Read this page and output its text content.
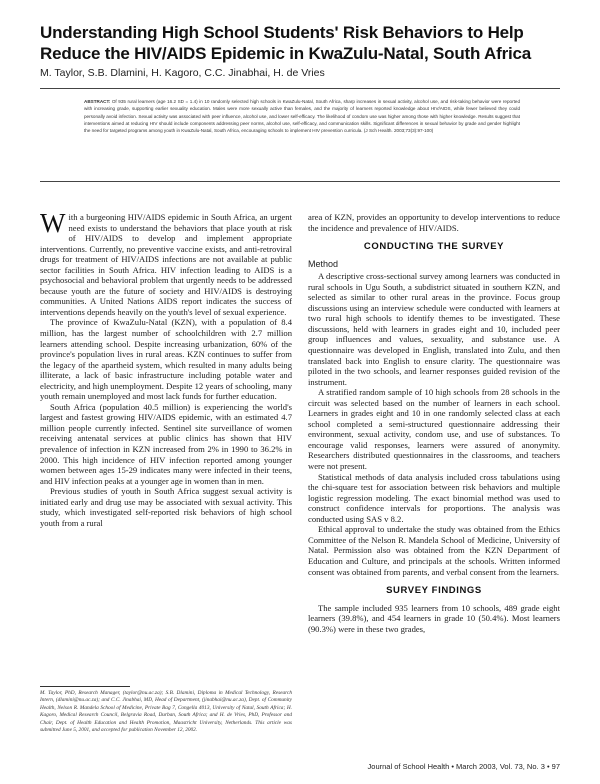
Understanding High School Students' Risk Behaviors to Help Reduce the HIV/AIDS Epidemic in KwaZulu-Natal, South Africa
M. Taylor, S.B. Dlamini, H. Kagoro, C.C. Jinabhai, H. de Vries
ABSTRACT: Of 935 rural learners (age 16.2 SD = 1.4) in 10 randomly selected high schools in KwaZulu-Natal, South Africa, sharp increases in sexual activity, alcohol use, and risk-taking behavior were reported with increasing grade, supporting earlier sexuality education. Males were more sexually active than females, and the majority of learners reported knowledge about HIV/AIDS, while fewer believed they could personally avoid infection. Sexual activity was associated with peer influence, alcohol use, and lower self-efficacy. The likelihood of condom use was higher among those with higher knowledge. Results suggest that interventions aimed at reducing HIV should include components addressing peer norms, alcohol use, self-efficacy, and communication skills. Significant differences in sexual behavior by grade and gender highlight the need for targeted programs among youth in KwaZulu-Natal, South Africa, encouraging schools to implement HIV prevention curricula. (J Sch Health. 2003;73(3):97-100)

With a burgeoning HIV/AIDS epidemic in South Africa, an urgent need exists to understand the behaviors that place youth at risk of HIV/AIDS to develop and implement appropriate interventions. Currently, no preventive vaccine exists, and anti-retroviral drugs for treatment of HIV/AIDS infections are not available at public sector facilities in South Africa. HIV infection leading to AIDS is a psychosocial and behavioral problem that urgently needs to be addressed because youth are the future of society and HIV/AIDS is destroying communities. A United Nations AIDS report indicates the success of interventions depends heavily on the youth's level of sexual experience.

The province of KwaZulu-Natal (KZN), with a population of 8.4 million, has the largest number of schoolchildren with 2.7 million learners attending school. Despite increasing urbanization, 60% of the province's population lives in rural areas. KZN continues to suffer from the legacy of the apartheid system, which resulted in many adults being illiterate, a lack of basic infrastructure including potable water and electricity, and high unemployment. Despite 12 years of schooling, many youth remain unemployed and most lack funds for further education.

South Africa (population 40.5 million) is experiencing the world's largest and fastest growing HIV/AIDS epidemic, with an estimated 4.7 million people currently infected. Sentinel site surveillance of women receiving antenatal services at public clinics has shown that HIV prevalence of infection in KZN increased from 2% in 1990 to 36.2% in 2000. This high incidence of HIV infection reported among younger women between ages 15-29 indicates many were infected in their teens, and HIV infection peaks at a younger age in women than in men.

Previous studies of youth in South Africa suggest sexual activity is initiated early and drug use may be associated with sexual activity. This study, which investigated self-reported risk behaviors of high school youth from a rural

M. Taylor, PhD, Research Manager, (taylor@nu.ac.za); S.B. Dlamini, Diploma in Medical Technology, Research Intern, (dlamini@nu.ac.za); and C.C. Jinabhai, MD, Head of Department, (jinabhai@nu.ac.za), Dept. of Community Health, Nelson R. Mandela School of Medicine, Private Bag 7, Congella 4013, University of Natal, South Africa; H. Kagoro, Medical Research Council, Belgravia Road, Durban, South Africa; and H. de Vries, PhD, Professor and Chair, Dept. of Health Education and Health Promotion, Maastricht University, Netherlands. This article was submitted June 5, 2001, and accepted for publication November 12, 2002.

area of KZN, provides an opportunity to develop interventions to reduce the incidence and prevalence of HIV/AIDS.

CONDUCTING THE SURVEY
Method

A descriptive cross-sectional survey among learners was conducted in rural schools in Ugu South, a subdistrict situated in southern KZN, and selected as similar to other rural areas in the province. Focus group discussions using an interview schedule were conducted with learners at two rural high schools to identify themes to be investigated. These discussions, held with learners in grades eight and 10, included peer group influences and values, sexuality, and substance use. A questionnaire was developed in English, translated into Zulu, and then translated back into English to ensure clarity. The questionnaire was piloted in the two schools, and learner responses guided revision of the instrument.

A stratified random sample of 10 high schools from 28 schools in the circuit was selected based on the number of learners in each school. Learners in grades eight and 10 in one randomly selected class at each school completed a semi-structured questionnaire addressing their environment, sexual activity, condom use, and use of substances. To encourage valid responses, learners were assured of anonymity. Researchers distributed questionnaires in the classrooms, and teachers were not present.

Statistical methods of data analysis included cross tabulations using the chi-square test for association between risk behaviors and multiple logistic regression modeling. The exact binomial method was used to construct confidence intervals for proportions. The analysis was conducted using SAS v 8.2.

Ethical approval to undertake the study was obtained from the Ethics Committee of the Nelson R. Mandela School of Medicine, University of Natal. Permission also was obtained from the KZN Department of Education and Culture, and principals at the schools. Written informed consent was obtained from parents, and verbal consent from the learners.

SURVEY FINDINGS

The sample included 935 learners from 10 schools, 489 grade eight learners (39.8%), and 454 learners in grade 10 (50.4%). Most learners (90.3%) were in these two grades,

Journal of School Health • March 2003, Vol. 73, No. 3 • 97
